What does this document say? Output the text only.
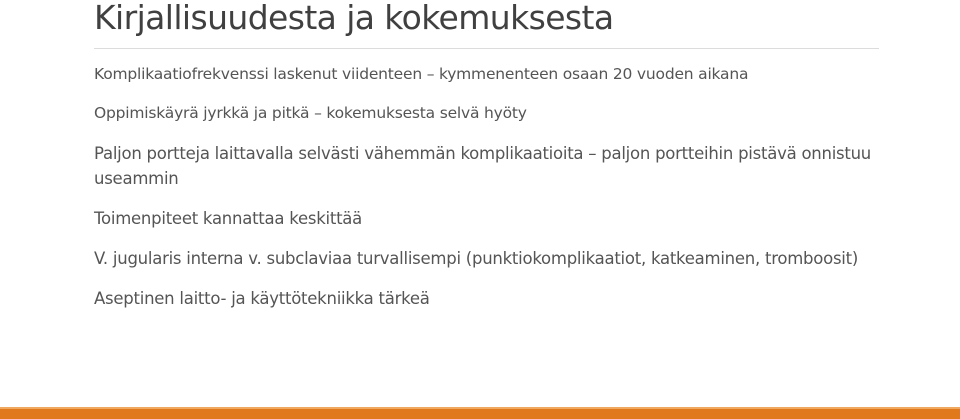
Kirjallisuudesta ja kokemuksesta
Komplikaatiofrekvenssi laskenut viidenteen – kymmenenteen osaan 20 vuoden aikana
Oppimiskäyrä jyrkkä ja pitkä – kokemuksesta selvä hyöty
Paljon portteja laittavalla selvästi vähemmän komplikaatioita – paljon portteihin pistävä onnistuu useammin
Toimenpiteet kannattaa keskittää
V. jugularis interna v. subclaviaa turvallisempi (punktiokomplikaatiot, katkeaminen, tromboosit)
Aseptinen laitto- ja käyttötekniikka tärkeä
